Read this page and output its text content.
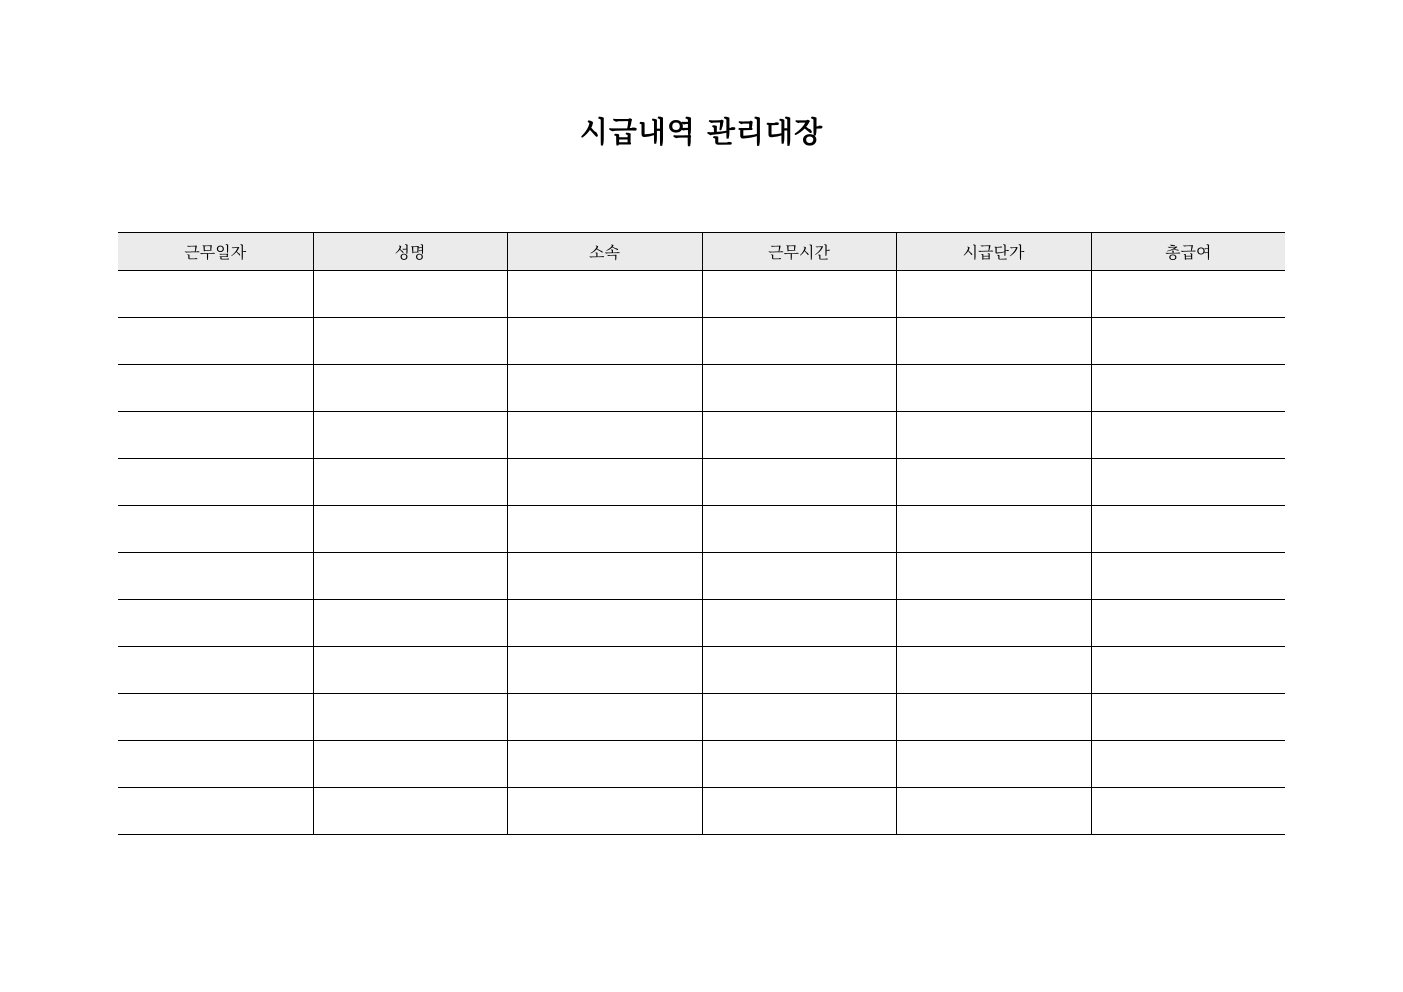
시급내역 관리대장
근무일자	성명	소속	근무시간	시급단가	총급여
